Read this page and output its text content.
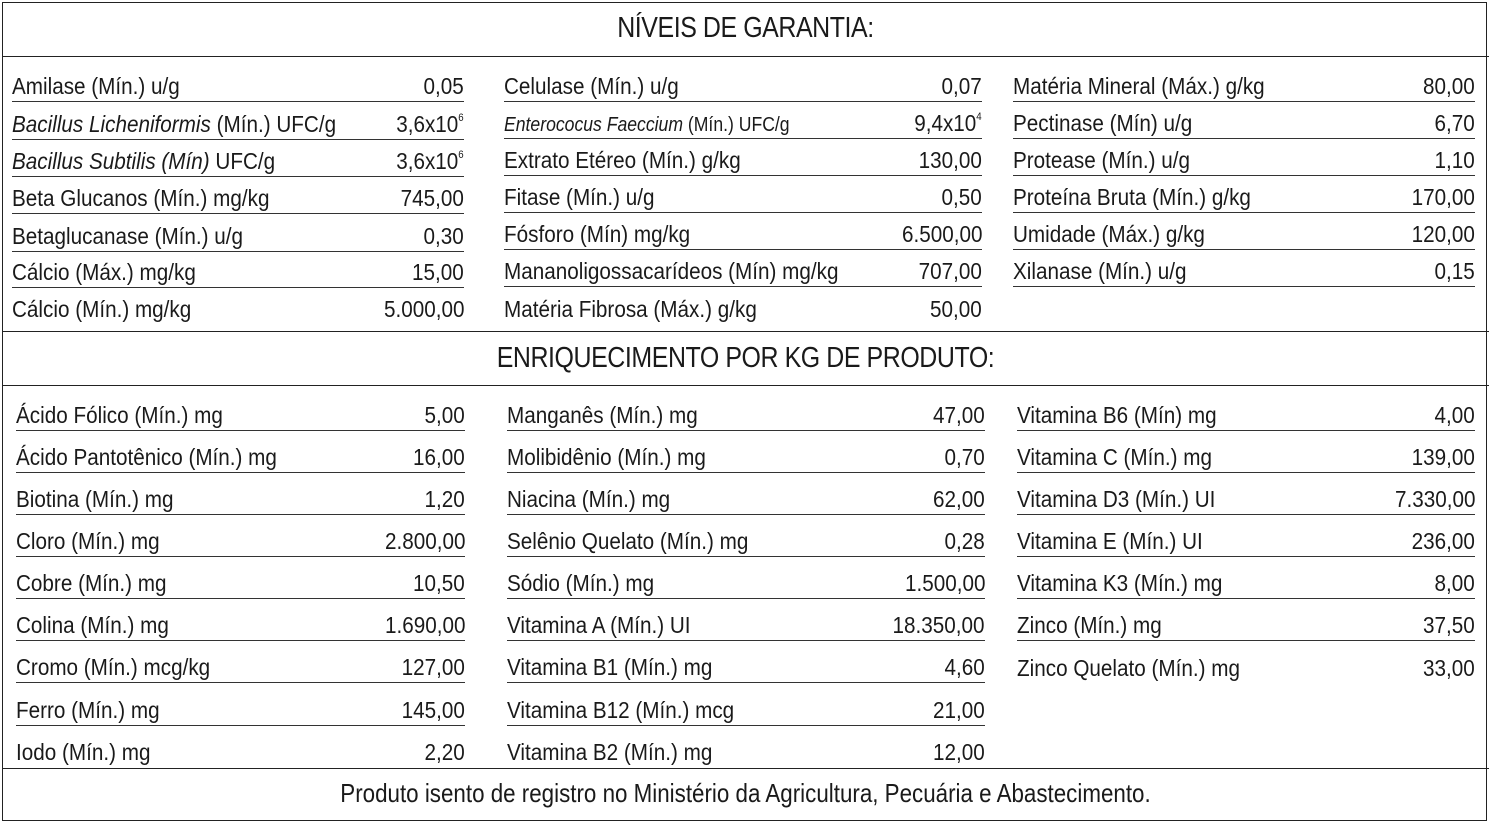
NÍVEIS DE GARANTIA:
Amilase (Mín.) u/g	0,05
Bacillus Licheniformis (Mín.) UFC/g	$3,6x10^6$
Bacillus Subtilis (Mín) UFC/g	$3,6x10^6$
Beta Glucanos (Mín.) mg/kg	745,00
Betaglucanase (Mín.) u/g	0,30
Cálcio (Máx.) mg/kg	15,00
Cálcio (Mín.) mg/kg	5.000,00
Celulase (Mín.) u/g	0,07
Enterococus Faeccium (Mín.) UFC/g	$9,4x10^4$
Extrato Etéreo (Mín.) g/kg	130,00
Fitase (Mín.) u/g	0,50
Fósforo (Mín) mg/kg	6.500,00
Mananoligossacarídeos (Mín) mg/kg	707,00
Matéria Fibrosa (Máx.) g/kg	50,00
Matéria Mineral (Máx.) g/kg	80,00
Pectinase (Mín) u/g	6,70
Protease (Mín.) u/g	1,10
Proteína Bruta (Mín.) g/kg	170,00
Umidade (Máx.) g/kg	120,00
Xilanase (Mín.) u/g	0,15
ENRIQUECIMENTO POR KG DE PRODUTO:
Ácido Fólico (Mín.) mg	5,00
Ácido Pantotênico (Mín.) mg	16,00
Biotina (Mín.) mg	1,20
Cloro (Mín.) mg	2.800,00
Cobre (Mín.) mg	10,50
Colina (Mín.) mg	1.690,00
Cromo (Mín.) mcg/kg	127,00
Ferro (Mín.) mg	145,00
Iodo (Mín.) mg	2,20
Manganês (Mín.) mg	47,00
Molibidênio (Mín.) mg	0,70
Niacina (Mín.) mg	62,00
Selênio Quelato (Mín.) mg	0,28
Sódio (Mín.) mg	1.500,00
Vitamina A (Mín.) UI	18.350,00
Vitamina B1 (Mín.) mg	4,60
Vitamina B12 (Mín.) mcg	21,00
Vitamina B2 (Mín.) mg	12,00
Vitamina B6 (Mín) mg	4,00
Vitamina C (Mín.) mg	139,00
Vitamina D3 (Mín.) UI	7.330,00
Vitamina E (Mín.) UI	236,00
Vitamina K3 (Mín.) mg	8,00
Zinco (Mín.) mg	37,50
Zinco Quelato (Mín.) mg	33,00
Produto isento de registro no Ministério da Agricultura, Pecuária e Abastecimento.
